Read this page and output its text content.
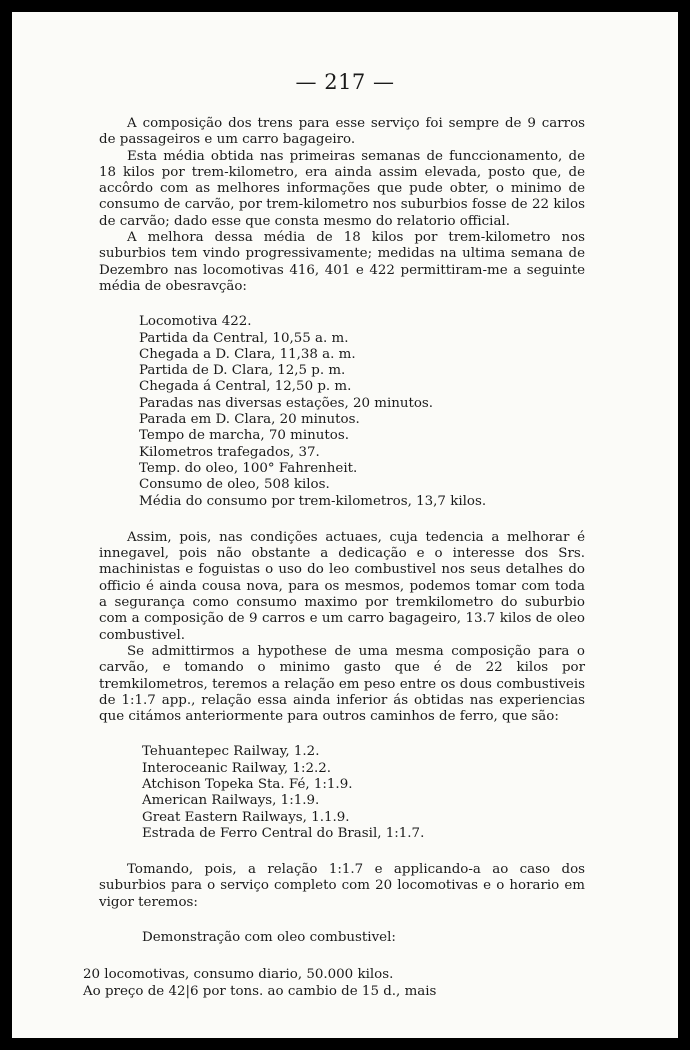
— 217 —

A composição dos trens para esse serviço foi sempre de 9 carros de passageiros e um carro bagageiro.

Esta média obtida nas primeiras semanas de funccionamento, de 18 kilos por trem-kilometro, era ainda assim elevada, posto que, de accôrdo com as melhores informações que pude obter, o minimo de consumo de carvão, por trem-kilometro nos suburbios fosse de 22 kilos de carvão; dado esse que consta mesmo do relatorio official.

A melhora dessa média de 18 kilos por trem-kilometro nos suburbios tem vindo progressivamente; medidas na ultima semana de Dezembro nas locomotivas 416, 401 e 422 permittiram-me a seguinte média de obesravção:

Locomotiva 422.
Partida da Central, 10,55 a. m.
Chegada a D. Clara, 11,38 a. m.
Partida de D. Clara, 12,5 p. m.
Chegada á Central, 12,50 p. m.
Paradas nas diversas estações, 20 minutos.
Parada em D. Clara, 20 minutos.
Tempo de marcha, 70 minutos.
Kilometros trafegados, 37.
Temp. do oleo, 100° Fahrenheit.
Consumo de oleo, 508 kilos.
Média do consumo por trem-kilometros, 13,7 kilos.

Assim, pois, nas condições actuaes, cuja tedencia a melhorar é innegavel, pois não obstante a dedicação e o interesse dos Srs. machinistas e foguistas o uso do leo combustivel nos seus detalhes do officio é ainda cousa nova, para os mesmos, podemos tomar com toda a segurança como consumo maximo por tremkilometro do suburbio com a composição de 9 carros e um carro bagageiro, 13.7 kilos de oleo combustivel.

Se admittirmos a hypothese de uma mesma composição para o carvão, e tomando o minimo gasto que é de 22 kilos por tremkilometros, teremos a relação em peso entre os dous combustiveis de 1:1.7 app., relação essa ainda inferior ás obtidas nas experiencias que citámos anteriormente para outros caminhos de ferro, que são:

Tehuantepec Railway, 1.2.
Interoceanic Railway, 1:2.2.
Atchison Topeka Sta. Fé, 1:1.9.
American Railways, 1:1.9.
Great Eastern Railways, 1.1.9.
Estrada de Ferro Central do Brasil, 1:1.7.

Tomando, pois, a relação 1:1.7 e applicando-a ao caso dos suburbios para o serviço completo com 20 locomotivas e o horario em vigor teremos:

Demonstração com oleo combustivel:

20 locomotivas, consumo diario, 50.000 kilos.

Ao preço de 42|6 por tons. ao cambio de 15 d., mais
